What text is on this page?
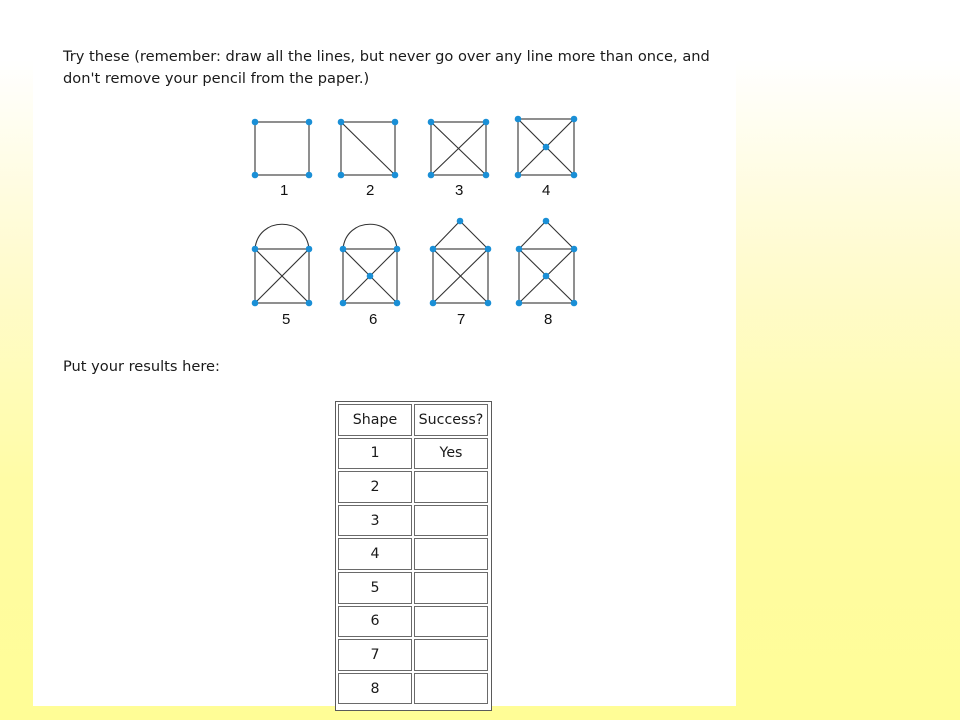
Try these (remember: draw all the lines, but never go over any line more than once, and don't remove your pencil from the paper.)
1	2	3	4
5	6	7	8
Put your results here:
Shape	Success?
1	Yes
2
3
4
5
6
7
8
